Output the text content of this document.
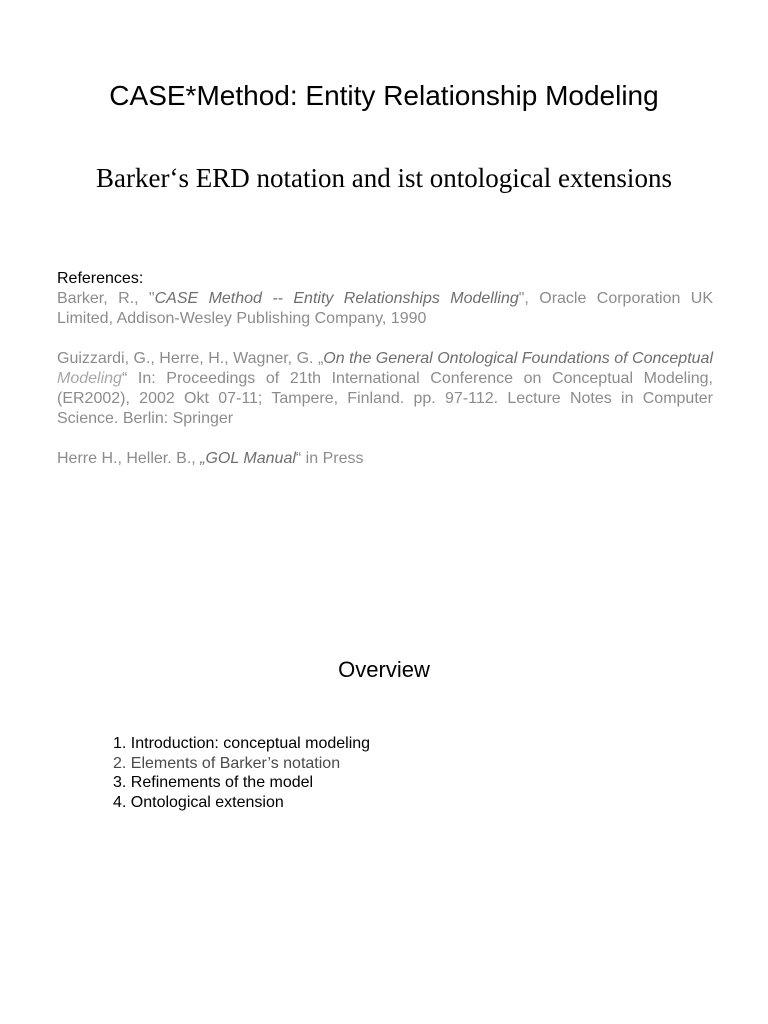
CASE*Method: Entity Relationship Modeling
Barker‘s ERD notation and ist ontological extensions

References:

Barker, R., "CASE Method -- Entity Relationships Modelling", Oracle Corporation UK Limited, Addison-Wesley Publishing Company, 1990

Guizzardi, G., Herre, H., Wagner, G. „On the General Ontological Foundations of Conceptual Modeling“ In: Proceedings of 21th International Conference on Conceptual Modeling, (ER2002), 2002 Okt 07-11; Tampere, Finland. pp. 97-112. Lecture Notes in Computer Science. Berlin: Springer

Herre H., Heller. B., „GOL Manual“ in Press

Overview

1. Introduction: conceptual modeling

2. Elements of Barker’s notation

3. Refinements of the model

4. Ontological extension
